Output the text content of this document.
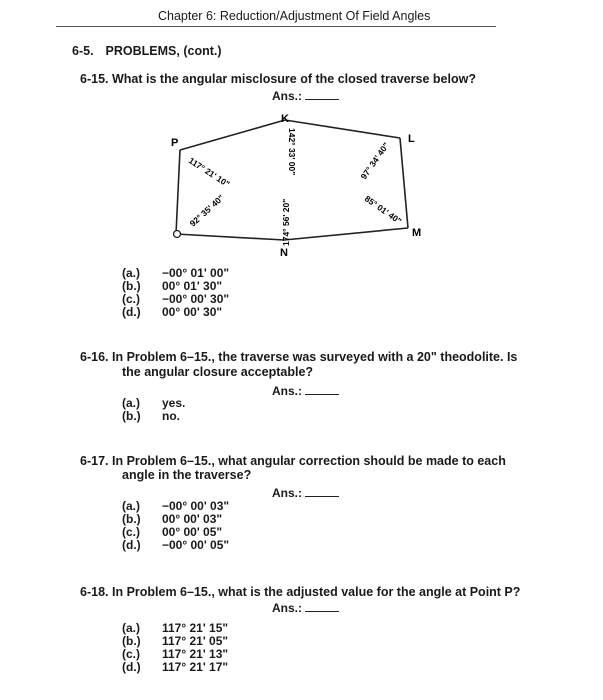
Chapter 6: Reduction/Adjustment Of Field Angles
6-5. PROBLEMS, (cont.)
6-15. What is the angular misclosure of the closed traverse below?
Ans.:
P
K
L
M
N
117° 21' 10"
92° 35' 40"
142° 33' 00"
174° 56' 20"
97° 34' 40"
85° 01' 40"
(a.) −00° 01' 00"
(b.) 00° 01' 30"
(c.) −00° 00' 30"
(d.) 00° 00' 30"
6-16. In Problem 6–15., the traverse was surveyed with a 20" theodolite. Is
the angular closure acceptable?
Ans.:
(a.) yes.
(b.) no.
6-17. In Problem 6–15., what angular correction should be made to each
angle in the traverse?
Ans.:
(a.) −00° 00' 03"
(b.) 00° 00' 03"
(c.) 00° 00' 05"
(d.) −00° 00' 05"
6-18. In Problem 6–15., what is the adjusted value for the angle at Point P?
Ans.:
(a.) 117° 21' 15"
(b.) 117° 21' 05"
(c.) 117° 21' 13"
(d.) 117° 21' 17"
